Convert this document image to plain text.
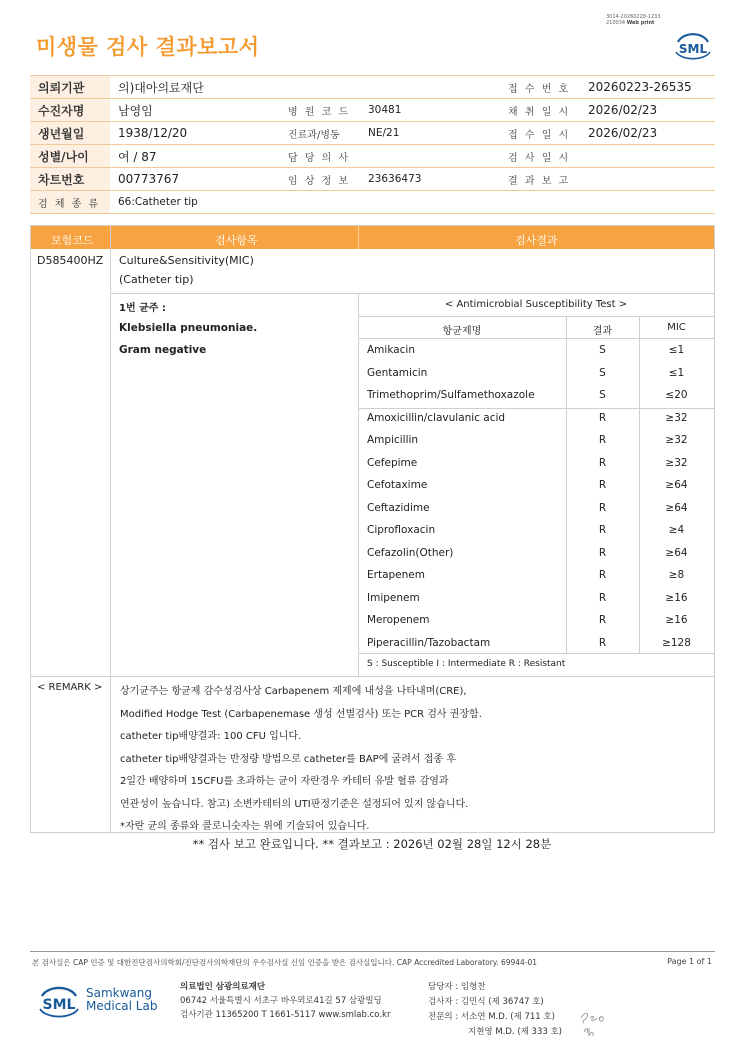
미생물 검사 결과보고서
3014-20260228-1233
210034 Web print
SML
의뢰기관	의)대아의료재단			접 수 번 호	20260223-26535
수진자명	남영임	병 원 코 드	30481	채 취 일 시	2026/02/23
생년월일	1938/12/20	진료과/병동	NE/21	접 수 일 시	2026/02/23
성별/나이	여 / 87	담 당 의 사		검 사 일 시	
차트번호	00773767	임 상 정 보	23636473	결 과 보 고	
검 체 종 류	66:Catheter tip				
보험코드	검사항목	검사결과
D585400HZ Culture&Sensitivity(MIC)
(Catheter tip)
1번 균주 :
Klebsiella pneumoniae.
Gram negative
< Antimicrobial Susceptibility Test >
항균제명	결과	MIC
Amikacin	S	≤1
Gentamicin	S	≤1
Trimethoprim/Sulfamethoxazole	S	≤20
Amoxicillin/clavulanic acid	R	≥32
Ampicillin	R	≥32
Cefepime	R	≥32
Cefotaxime	R	≥64
Ceftazidime	R	≥64
Ciprofloxacin	R	≥4
Cefazolin(Other)	R	≥64
Ertapenem	R	≥8
Imipenem	R	≥16
Meropenem	R	≥16
Piperacillin/Tazobactam	R	≥128
S : Susceptible I : Intermediate R : Resistant
< REMARK > 상기균주는 항균제 감수성검사상 Carbapenem 제제에 내성을 나타내며(CRE),
Modified Hodge Test (Carbapenemase 생성 선별검사) 또는 PCR 검사 권장함.
catheter tip배양결과: 100 CFU 입니다.
catheter tip배양결과는 반정량 방법으로 catheter를 BAP에 굴려서 접종 후
2일간 배양하며 15CFU를 초과하는 균이 자란경우 카테터 유발 혈류 감염과
연관성이 높습니다. 참고) 소변카테터의 UTI판정기준은 설정되어 있지 않습니다.
*자란 균의 종류와 콜로니숫자는 위에 기술되어 있습니다.
** 검사 보고 완료입니다. ** 결과보고 : 2026년 02월 28일 12시 28분
본 검사실은 CAP 인증 및 대한진단검사의학회/진단검사의학재단의 우수검사실 신임 인증을 받은 검사실입니다. CAP Accredited Laboratory. 69944-01	Page 1 of 1
SML
Samkwang
Medical Lab
의료법인 삼광의료재단
06742 서울특별시 서초구 바우뫼로41길 57 삼광빌딩
검사기관 11365200 T 1661-5117 www.smlab.co.kr
담당자 : 임형찬
검사자 : 김민식 (제 36747 호)
전문의 : 서소연 M.D. (제 711 호)
지현영 M.D. (제 333 호)
